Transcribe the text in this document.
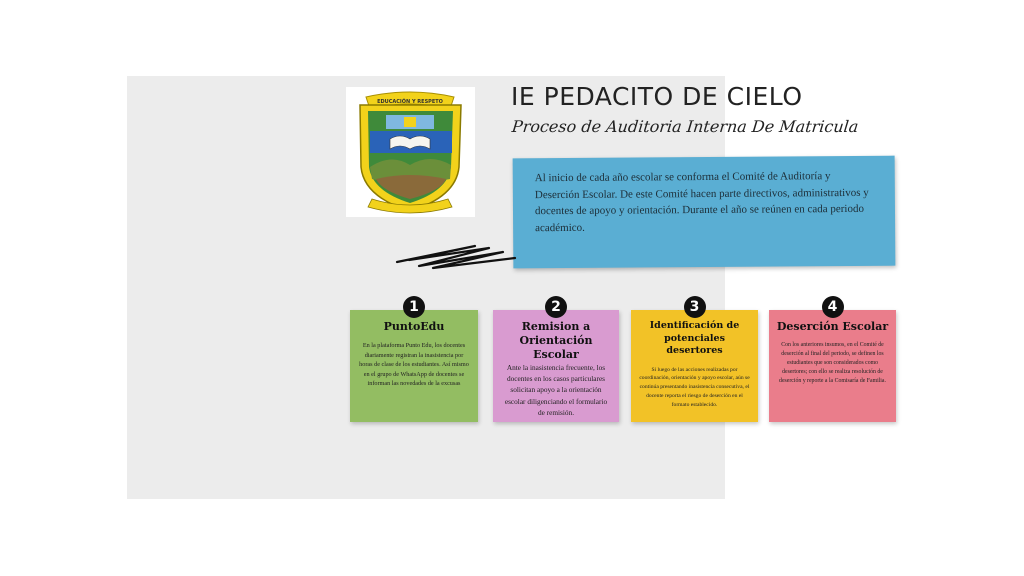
EDUCACIÓN Y RESPETO	IE PEDACITO DE CIELO
Proceso de Auditoria Interna De Matricula

Al inicio de cada año escolar se conforma el Comité de Auditoría y Deserción Escolar. De este Comité hacen parte directivos, administrativos y docentes de apoyo y orientación. Durante el año se reúnen en cada periodo académico.

1

PuntoEdu

En la plataforma Punto Edu, los docentes diariamente registran la inasistencia por horas de clase de los estudiantes. Así mismo en el grupo de WhatsApp de docentes se informan las novedades de la excusas

2

Remision a Orientación Escolar

Ante la inasistencia frecuente, los docentes en los casos particulares solicitan apoyo a la orientación escolar diligenciando el formulario de remisión.

3

Identificación de potenciales desertores

Si luego de las acciones realizadas por coordinación, orientación y apoyo escolar, aún se continúa presentando inasistencia consecutiva, el docente reporta el riesgo de deserción en el formato establecido.

4

Deserción Escolar

Con los anteriores insumos, en el Comité de deserción al final del periodo, se definen los estudiantes que son considerados como desertores; con ello se realiza resolución de deserción y reporte a la Comisaría de Familia.
